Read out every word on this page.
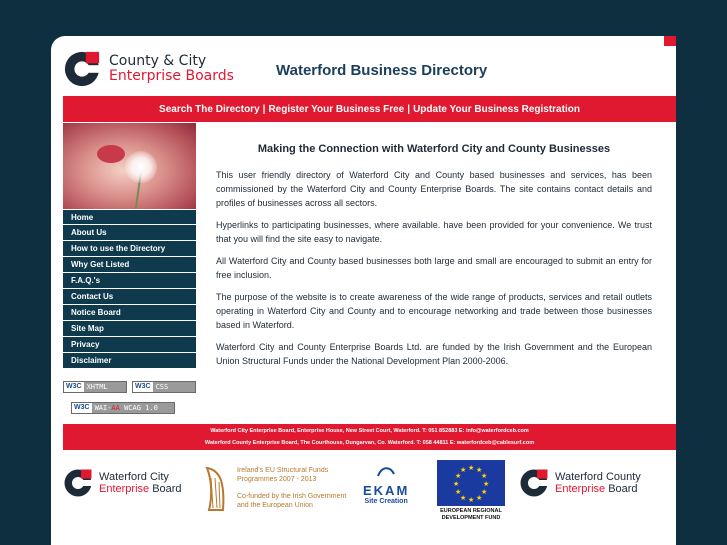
County & City
Enterprise Boards	Waterford Business Directory
Search The Directory | Register Your Business Free | Update Your Business Registration
Home
About Us
How to use the Directory
Why Get Listed
F.A.Q.'s
Contact Us
Notice Board
Site Map
Privacy
Disclaimer
W3C XHTML 1.0
W3C CSS
W3C WAI-AA WCAG 1.0
Making the Connection with Waterford City and County Businesses

This user friendly directory of Waterford City and County based businesses and services, has been commissioned by the Waterford City and County Enterprise Boards. The site contains contact details and profiles of businesses across all sectors.

Hyperlinks to participating businesses, where available. have been provided for your convenience. We trust that you will find the site easy to navigate.

All Waterford City and County based businesses both large and small are encouraged to submit an entry for free inclusion.

The purpose of the website is to create awareness of the wide range of products, services and retail outlets operating in Waterford City and County and to encourage networking and trade between those businesses based in Waterford.

Waterford City and County Enterprise Boards Ltd. are funded by the Irish Government and the European Union Structural Funds under the National Development Plan 2000-2006.

Waterford City Enterprise Board, Enterprise House, New Street Court, Waterford. T: 051 852883 E: info@waterfordceb.com
Waterford County Enterprise Board, The Courthouse, Dungarvan, Co. Waterford. T: 058 44811 E: waterfordceb@cablesurf.com
Waterford City
Enterprise Board
Ireland's EU Structural Funds
Programmes 2007 - 2013
Co-funded by the Irish Government
and the European Union
EKAM
Site Creation
★ ★
★
★
★
★
★
★
★
★
★
★
EUROPEAN REGIONAL
DEVELOPMENT FUND
Waterford County
Enterprise Board
